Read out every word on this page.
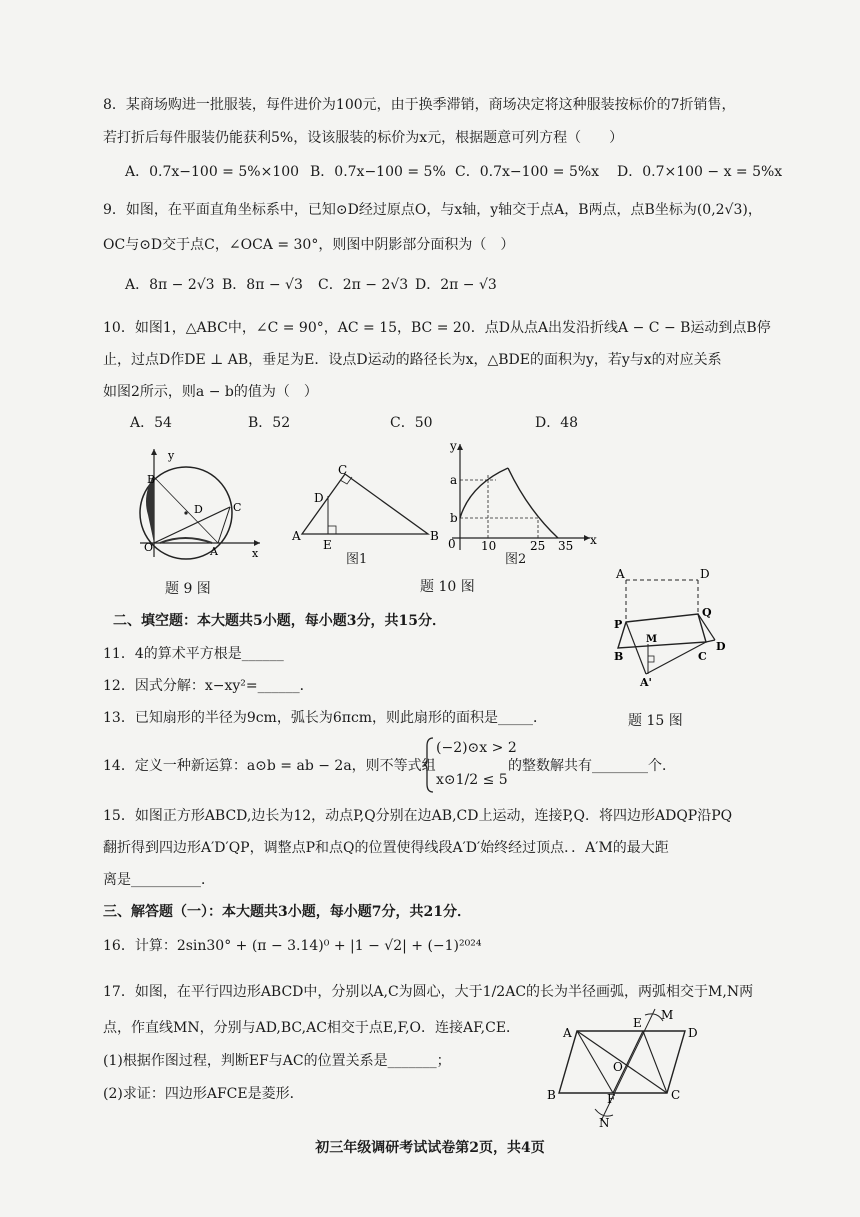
8．某商场购进一批服装，每件进价为100元，由于换季滞销，商场决定将这种服装按标价的7折销售，
若打折后每件服装仍能获利5%，设该服装的标价为x元，根据题意可列方程（　　）
A．0.7x−100 = 5%×100 B．0.7x−100 = 5% C．0.7x−100 = 5%x D．0.7×100 − x = 5%x
9．如图，在平面直角坐标系中，已知⊙D经过原点O，与x轴，y轴交于点A，B两点，点B坐标为(0,2√3)，
OC与⊙D交于点C，∠OCA = 30°，则图中阴影部分面积为（　）
A．8π − 2√3 B．8π − √3 C．2π − 2√3 D．2π − √3
10．如图1，△ABC中，∠C = 90°，AC = 15，BC = 20．点D从点A出发沿折线A − C − B运动到点B停
止，过点D作DE ⊥ AB，垂足为E．设点D运动的路径长为x，△BDE的面积为y，若y与x的对应关系
如图2所示，则a − b的值为（　）
A．54	B．52	C．50	D．48
y
x
O	A
B
C
D
A	B
C
D
E
图1
y
x
0
a
b
10	25 35
图2
题 9 图	题 10 图
A	D
P
Q
M
B	C
D
A'
二、填空题：本大题共5小题，每小题3分，共15分．
11．4的算术平方根是______
12．因式分解：x−xy²=______．
13．已知扇形的半径为9cm，弧长为6πcm，则此扇形的面积是_____．	题 15 图
14．定义一种新运算：a⊙b = ab − 2a，则不等式组
(−2)⊙x > 2
x⊙1/2 ≤ 5
的整数解共有________个．
15．如图正方形ABCD,边长为12，动点P,Q分别在边AB,CD上运动，连接P,Q．将四边形ADQP沿PQ
翻折得到四边形A′D′QP，调整点P和点Q的位置使得线段A′D′始终经过顶点．．A′M的最大距
离是__________．
三、解答题（一）：本大题共3小题，每小题7分，共21分．
16．计算：2sin30° + (π − 3.14)⁰ + |1 − √2| + (−1)²⁰²⁴
17．如图，在平行四边形ABCD中，分别以A,C为圆心，大于1/2AC的长为半径画弧，两弧相交于M,N两
点，作直线MN，分别与AD,BC,AC相交于点E,F,O．连接AF,CE．
(1)根据作图过程，判断EF与AC的位置关系是_______；
(2)求证：四边形AFCE是菱形．
A	D
B	C
E
M
F
N
O
初三年级调研考试试卷第2页，共4页
